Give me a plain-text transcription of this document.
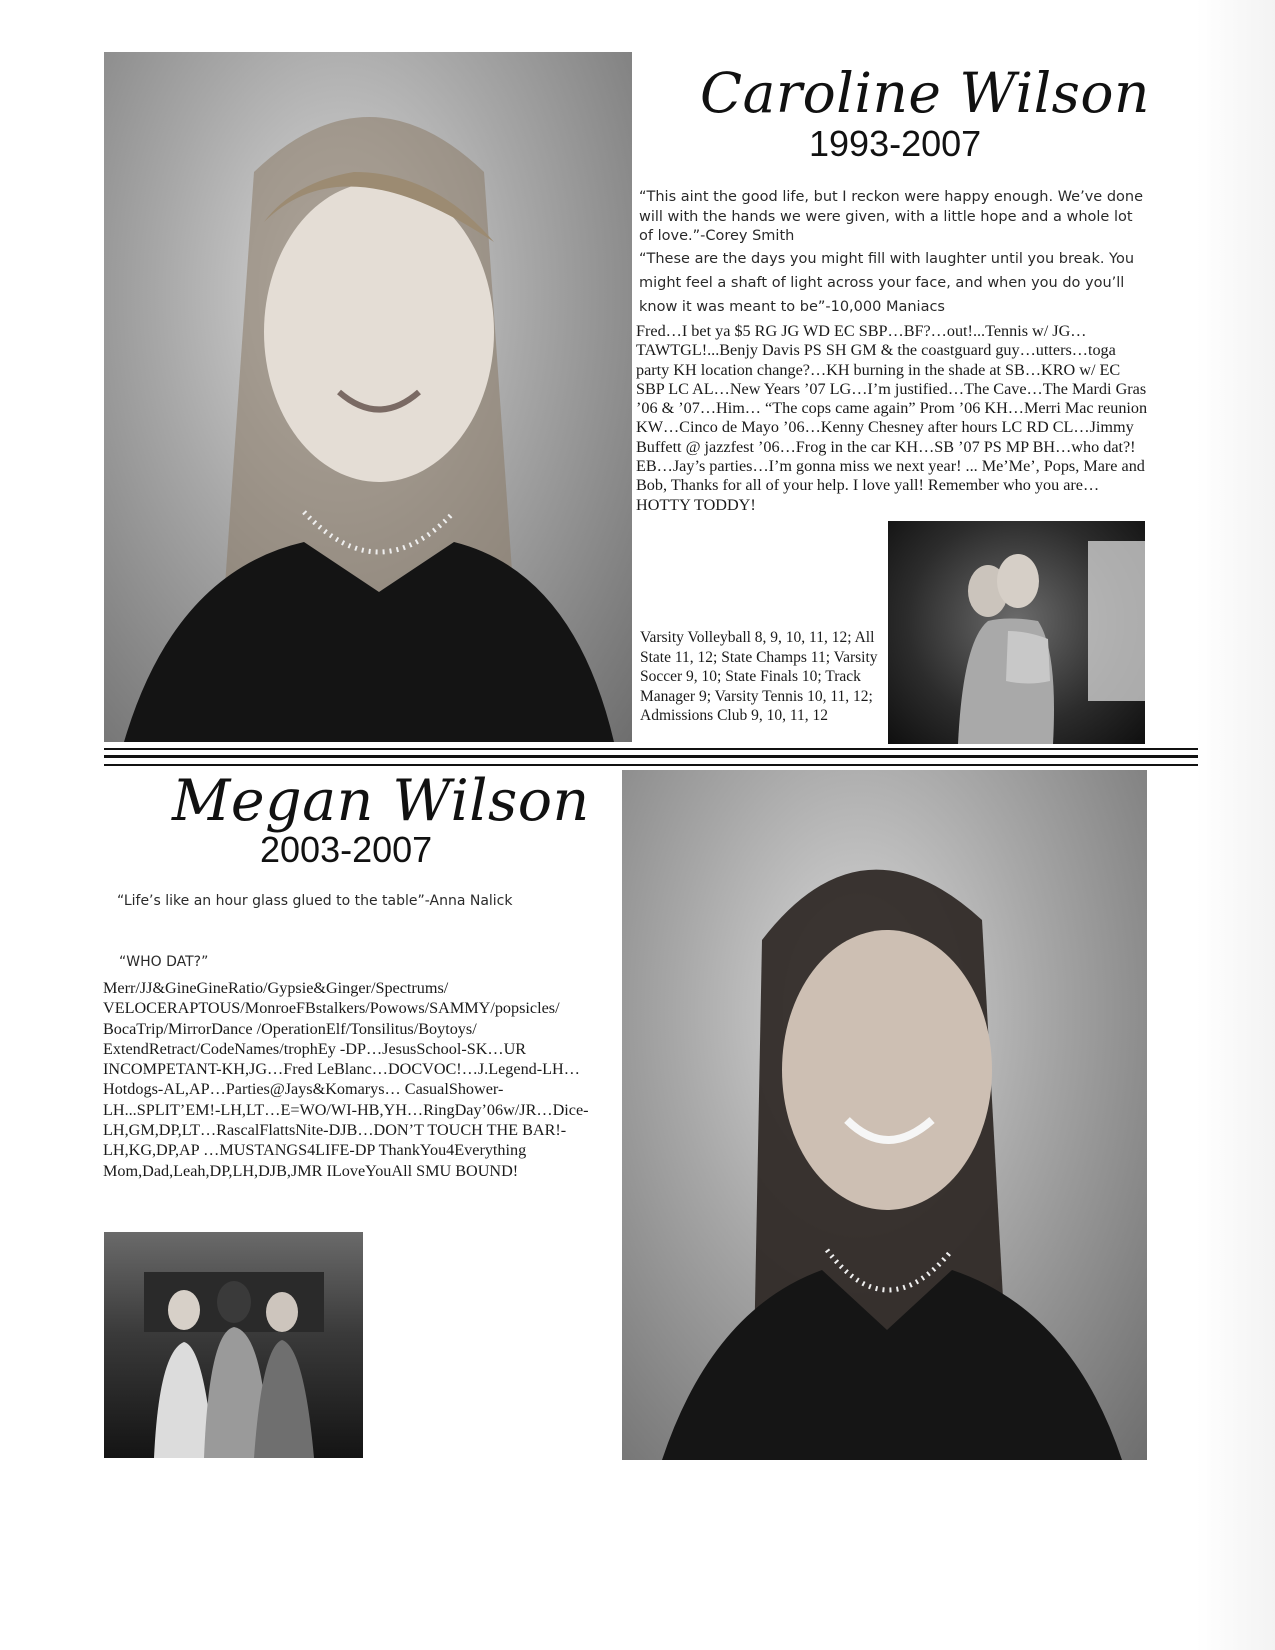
Caroline Wilson
1993-2007
“This aint the good life, but I reckon were happy enough. We’ve done will with the hands we were given, with a little hope and a whole lot of love.”-Corey Smith
“These are the days you might fill with laughter until you break. You might feel a shaft of light across your face, and when you do you’ll know it was meant to be”-10,000 Maniacs
Fred…I bet ya $5 RG JG WD EC SBP…BF?…out!...Tennis w/ JG…TAWTGL!...Benjy Davis PS SH GM & the coastguard guy…utters…toga party KH location change?…KH burning in the shade at SB…KRO w/ EC SBP LC AL…New Years ’07 LG…I’m justified…The Cave…The Mardi Gras ’06 & ’07…Him… “The cops came again” Prom ’06 KH…Merri Mac reunion KW…Cinco de Mayo ’06…Kenny Chesney after hours LC RD CL…Jimmy Buffett @ jazzfest ’06…Frog in the car KH…SB ’07 PS MP BH…who dat?! EB…Jay’s parties…I’m gonna miss we next year! ... Me’Me’, Pops, Mare and Bob, Thanks for all of your help. I love yall! Remember who you are…HOTTY TODDY!
Varsity Volleyball 8, 9, 10, 11, 12; All State 11, 12; State Champs 11; Varsity Soccer 9, 10; State Finals 10; Track Manager 9; Varsity Tennis 10, 11, 12; Admissions Club 9, 10, 11, 12
Megan Wilson
2003-2007
“Life’s like an hour glass glued to the table”-Anna Nalick
“WHO DAT?”
Merr/JJ&GineGineRatio/Gypsie&Ginger/Spectrums/ VELOCERAPTOUS/MonroeFBstalkers/Powows/SAMMY/popsicles/ BocaTrip/MirrorDance /OperationElf/Tonsilitus/Boytoys/ ExtendRetract/CodeNames/trophEy -DP…JesusSchool-SK…UR INCOMPETANT-KH,JG…Fred LeBlanc…DOCVOC!…J.Legend-LH…Hotdogs-AL,AP…Parties@Jays&Komarys… CasualShower-LH...SPLIT’EM!-LH,LT…E=WO/WI-HB,YH…RingDay’06w/JR…Dice-LH,GM,DP,LT…RascalFlattsNite-DJB…DON’T TOUCH THE BAR!-LH,KG,DP,AP …MUSTANGS4LIFE-DP ThankYou4Everything Mom,Dad,Leah,DP,LH,DJB,JMR ILoveYouAll SMU BOUND!
